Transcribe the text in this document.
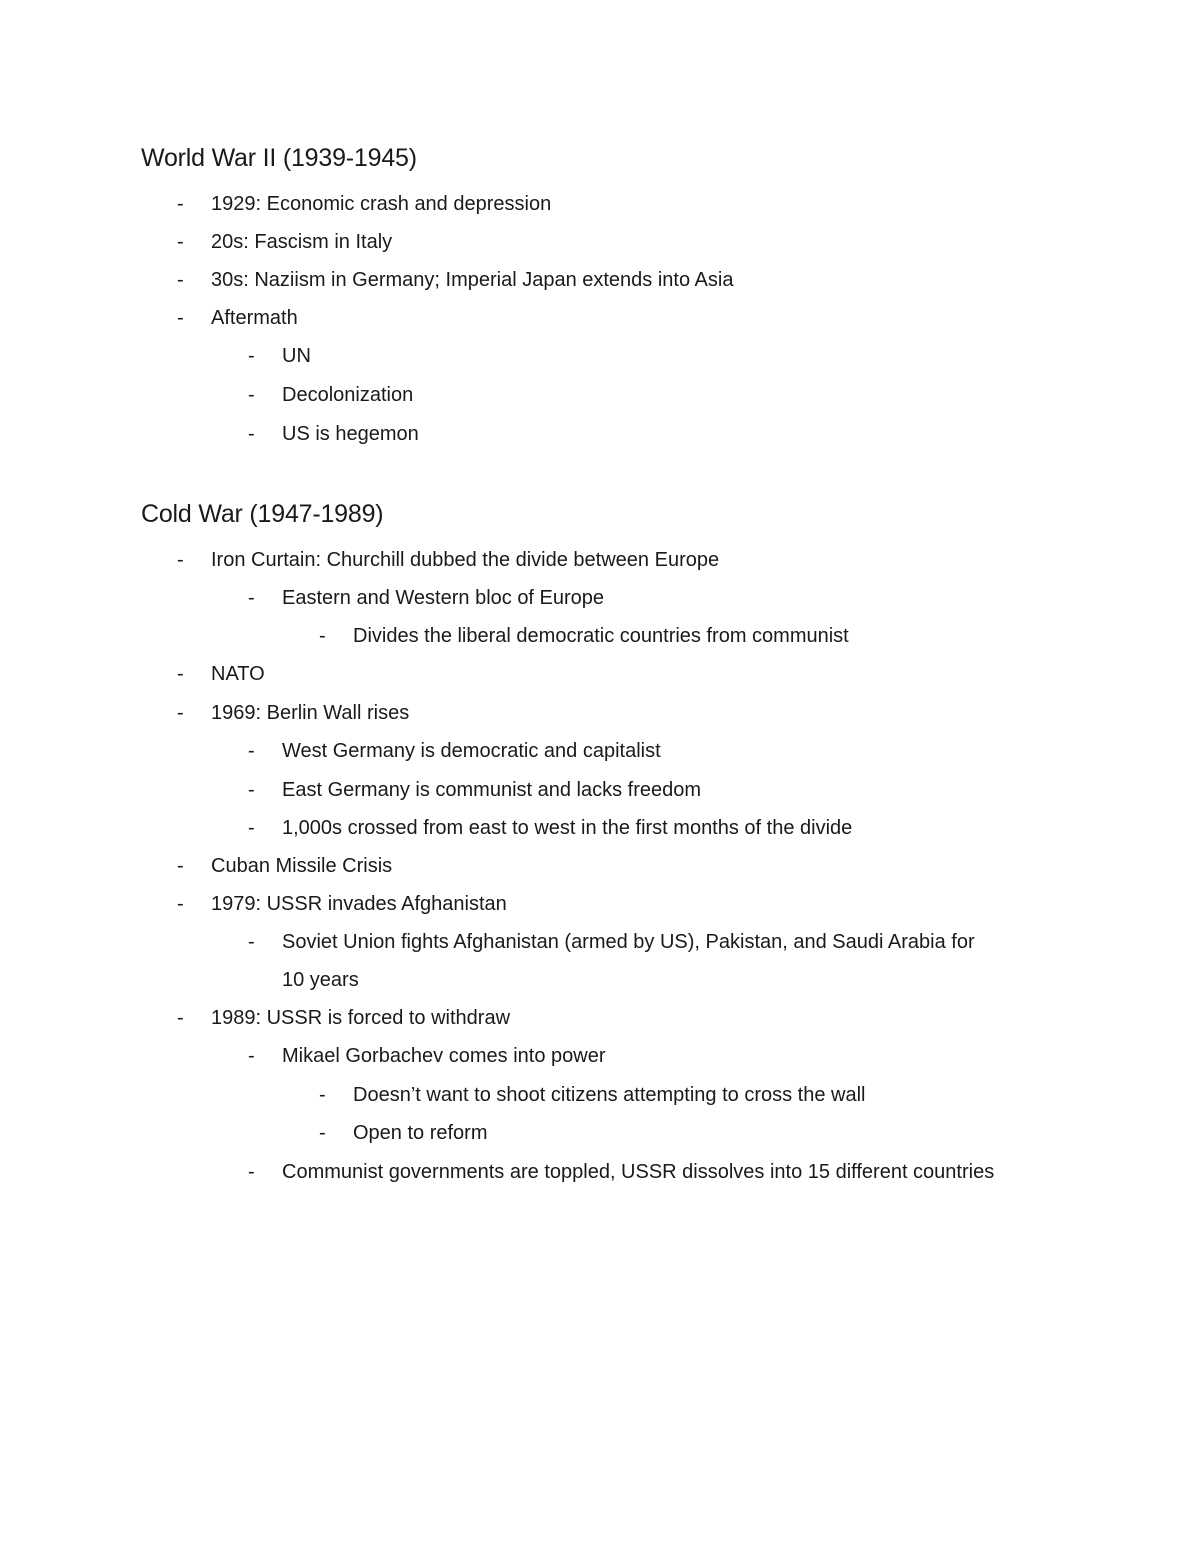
World War II (1939-1945)
-	1929: Economic crash and depression
-	20s: Fascism in Italy
-	30s: Naziism in Germany; Imperial Japan extends into Asia
-	Aftermath
-	UN
-	Decolonization
-	US is hegemon
Cold War (1947-1989)
-	Iron Curtain: Churchill dubbed the divide between Europe
-	Eastern and Western bloc of Europe
-	Divides the liberal democratic countries from communist
-	NATO
-	1969: Berlin Wall rises
-	West Germany is democratic and capitalist
-	East Germany is communist and lacks freedom
-	1,000s crossed from east to west in the first months of the divide
-	Cuban Missile Crisis
-	1979: USSR invades Afghanistan
-	Soviet Union fights Afghanistan (armed by US), Pakistan, and Saudi Arabia for
10 years
-	1989: USSR is forced to withdraw
-	Mikael Gorbachev comes into power
-	Doesn’t want to shoot citizens attempting to cross the wall
-	Open to reform
-	Communist governments are toppled, USSR dissolves into 15 different countries
